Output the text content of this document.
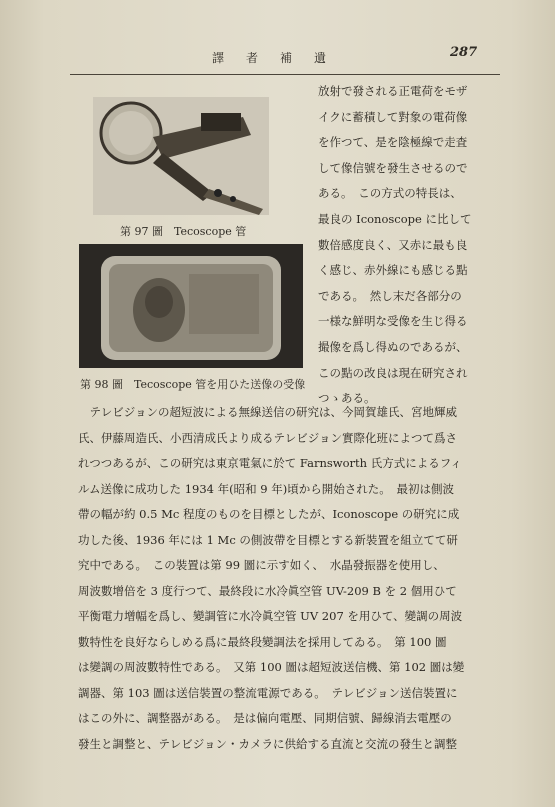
譯者補遺	287
第 97 圖　Tecoscope 管
第 98 圖　Tecoscope 管を用ひた送像の受像
放射で發される正電荷をモザ
イクに蓄積して對象の電荷像
を作つて、是を陰極線で走査
して像信號を發生させるので
ある。　この方式の特長は、
最良の Iconoscope に比して
數倍感度良く、又赤に最も良
く感じ、赤外線にも感じる點
である。　然し末だ各部分の
一様な鮮明な受像を生じ得る
撮像を爲し得ぬのであるが、
この點の改良は現在研究され
つゝある。
　テレビジョンの超短波による無線送信の研究は、今岡賀雄氏、宮地輝威
氏、伊藤周造氏、小西清成氏より成るテレビジョン實際化班によつて爲さ
れつつあるが、この研究は東京電氣に於て Farnsworth 氏方式によるフィ
ルム送像に成功した 1934 年(昭和 9 年)頃から開始された。　最初は側波
帶の幅が約 0.5 Mc 程度のものを目標としたが、Iconoscope の研究に成
功した後、1936 年には 1 Mc の側波帶を目標とする新裝置を組立てて研
究中である。　この裝置は第 99 圖に示す如く、　水晶發振器を使用し、
周波數增倍を 3 度行つて、最終段に水冷眞空管 UV-209 B を 2 個用ひて
平衡電力增幅を爲し、變調管に水冷眞空管 UV 207 を用ひて、變調の周波
數特性を良好ならしめる爲に最終段變調法を採用してゐる。　第 100 圖
は變調の周波數特性である。　又第 100 圖は超短波送信機、第 102 圖は變
調器、第 103 圖は送信裝置の整流電源である。　テレビジョン送信裝置に
はこの外に、調整器がある。　是は偏向電壓、同期信號、歸線消去電壓の
發生と調整と、テレビジョン・カメラに供給する直流と交流の發生と調整
